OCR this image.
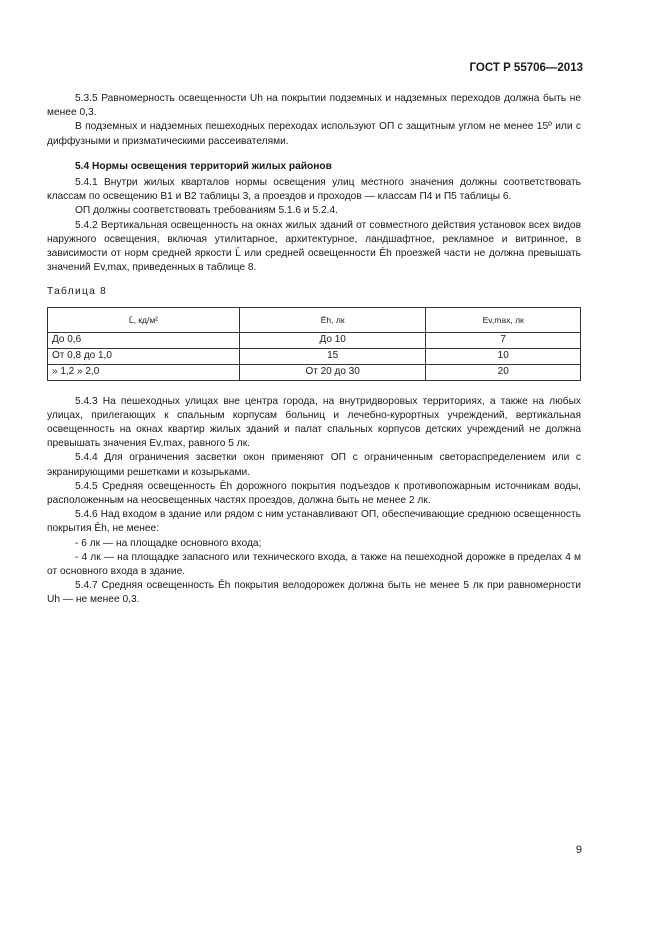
ГОСТ Р 55706—2013

5.3.5 Равномерность освещенности Uh на покрытии подземных и надземных переходов должна быть не менее 0,3.

В подземных и надземных пешеходных переходах используют ОП с защитным углом не менее 15º или с диффузными и призматическими рассеивателями.

5.4 Нормы освещения территорий жилых районов

5.4.1 Внутри жилых кварталов нормы освещения улиц местного значения должны соответствовать классам по освещению В1 и В2 таблицы 3, а проездов и проходов — классам П4 и П5 таблицы 6.

ОП должны соответствовать требованиям 5.1.6 и 5.2.4.

5.4.2 Вертикальная освещенность на окнах жилых зданий от совместного действия установок всех видов наружного освещения, включая утилитарное, архитектурное, ландшафтное, рекламное и витринное, в зависимости от норм средней яркости L̄ или средней освещенности Ēh проезжей части не должна превышать значений Ev,max, приведенных в таблице 8.

Таблица 8
L̄, кд/м²	Ēh, лк	Ev,max, лк
До 0,6	До 10	7
От 0,8 до 1,0	15	10
» 1,2 » 2,0	От 20 до 30	20

5.4.3 На пешеходных улицах вне центра города, на внутридворовых территориях, а также на любых улицах, прилегающих к спальным корпусам больниц и лечебно-курортных учреждений, вертикальная освещенность на окнах квартир жилых зданий и палат спальных корпусов детских учреждений не должна превышать значения Ev,max, равного 5 лк.

5.4.4 Для ограничения засветки окон применяют ОП с ограниченным светораспределением или с экранирующими решетками и козырьками.

5.4.5 Средняя освещенность Ēh дорожного покрытия подъездов к противопожарным источникам воды, расположенным на неосвещенных частях проездов, должна быть не менее 2 лк.

5.4.6 Над входом в здание или рядом с ним устанавливают ОП, обеспечивающие среднюю освещенность покрытия Ēh, не менее:

- 6 лк — на площадке основного входа;

- 4 лк — на площадке запасного или технического входа, а также на пешеходной дорожке в пределах 4 м от основного входа в здание.

5.4.7 Средняя освещенность Ēh покрытия велодорожек должна быть не менее 5 лк при равномерности Uh — не менее 0,3.

9
